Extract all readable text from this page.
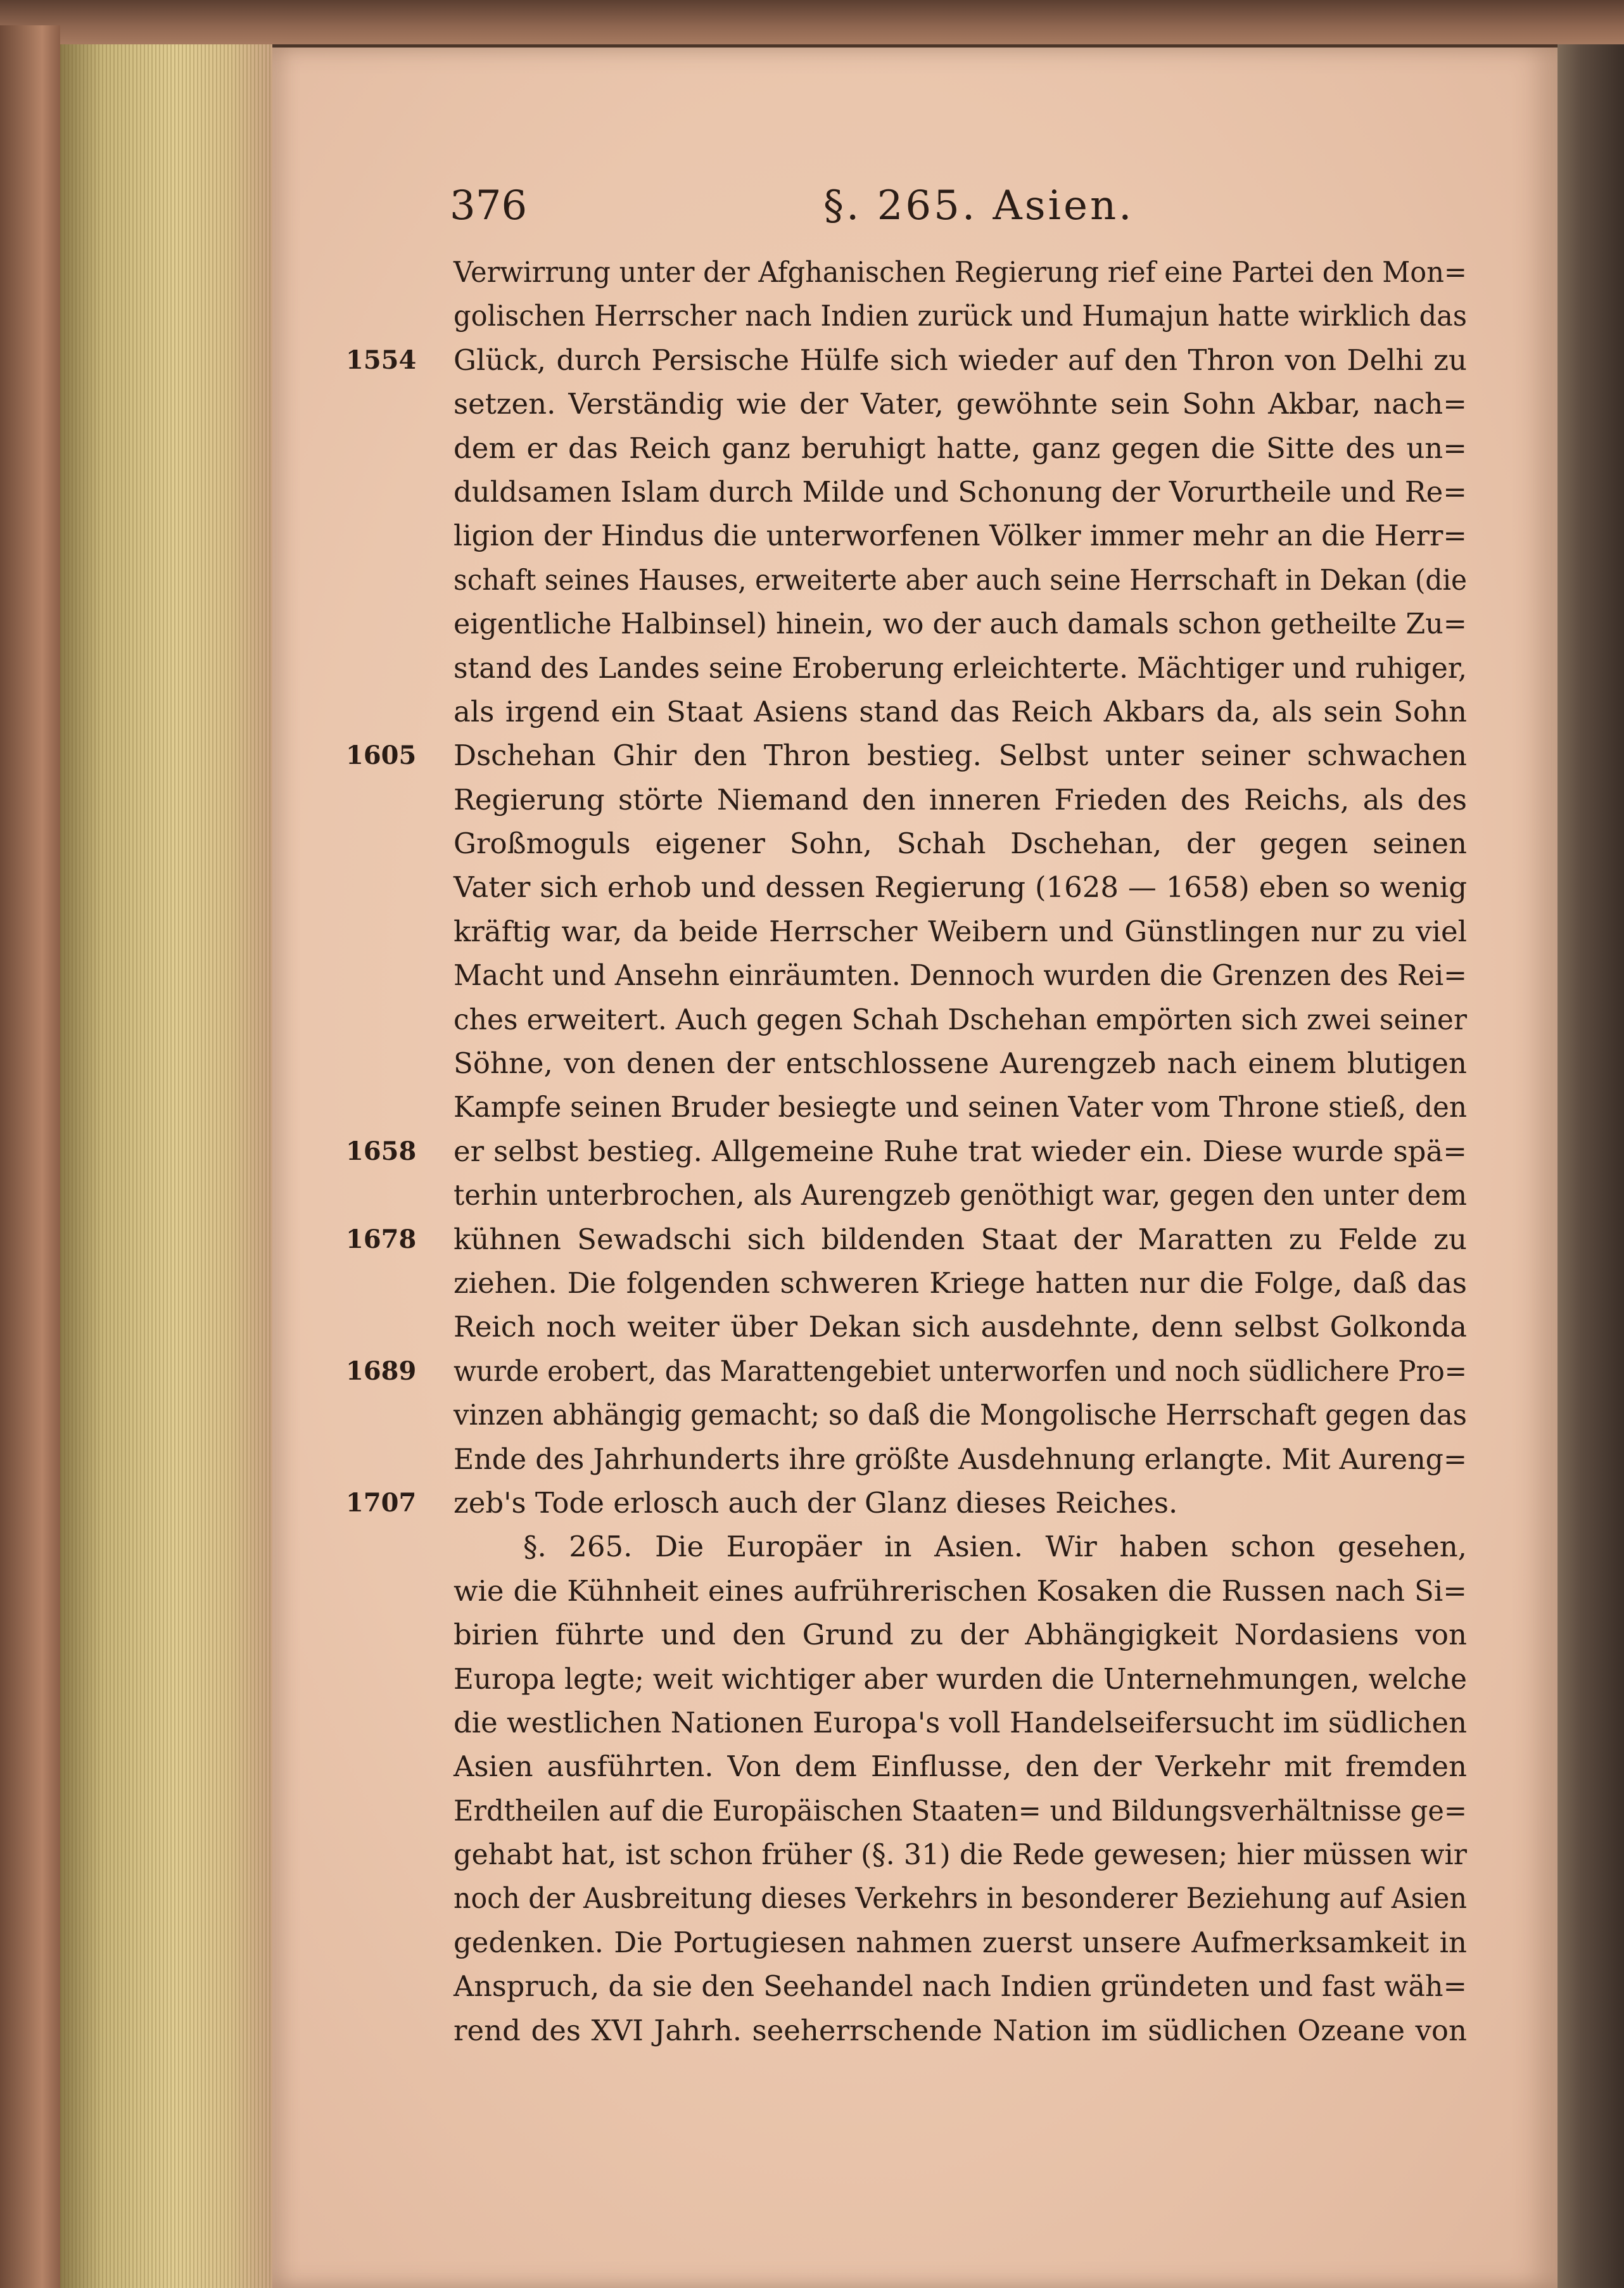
376	§. 265. Asien.
Verwirrung unter der Afghanischen Regierung rief eine Partei den Mon=
golischen Herrscher nach Indien zurück und Humajun hatte wirklich das
1554	Glück, durch Persische Hülfe sich wieder auf den Thron von Delhi zu
setzen. Verständig wie der Vater, gewöhnte sein Sohn Akbar, nach=
dem er das Reich ganz beruhigt hatte, ganz gegen die Sitte des un=
duldsamen Islam durch Milde und Schonung der Vorurtheile und Re=
ligion der Hindus die unterworfenen Völker immer mehr an die Herr=
schaft seines Hauses, erweiterte aber auch seine Herrschaft in Dekan (die
eigentliche Halbinsel) hinein, wo der auch damals schon getheilte Zu=
stand des Landes seine Eroberung erleichterte. Mächtiger und ruhiger,
als irgend ein Staat Asiens stand das Reich Akbars da, als sein Sohn
1605	Dschehan Ghir den Thron bestieg. Selbst unter seiner schwachen
Regierung störte Niemand den inneren Frieden des Reichs, als des
Großmoguls eigener Sohn, Schah Dschehan, der gegen seinen
Vater sich erhob und dessen Regierung (1628 — 1658) eben so wenig
kräftig war, da beide Herrscher Weibern und Günstlingen nur zu viel
Macht und Ansehn einräumten. Dennoch wurden die Grenzen des Rei=
ches erweitert. Auch gegen Schah Dschehan empörten sich zwei seiner
Söhne, von denen der entschlossene Aurengzeb nach einem blutigen
Kampfe seinen Bruder besiegte und seinen Vater vom Throne stieß, den
1658	er selbst bestieg. Allgemeine Ruhe trat wieder ein. Diese wurde spä=
terhin unterbrochen, als Aurengzeb genöthigt war, gegen den unter dem
1678	kühnen Sewadschi sich bildenden Staat der Maratten zu Felde zu
ziehen. Die folgenden schweren Kriege hatten nur die Folge, daß das
Reich noch weiter über Dekan sich ausdehnte, denn selbst Golkonda
1689	wurde erobert, das Marattengebiet unterworfen und noch südlichere Pro=
vinzen abhängig gemacht; so daß die Mongolische Herrschaft gegen das
Ende des Jahrhunderts ihre größte Ausdehnung erlangte. Mit Aureng=
1707	zeb's Tode erlosch auch der Glanz dieses Reiches.
§. 265. Die Europäer in Asien. Wir haben schon gesehen,
wie die Kühnheit eines aufrührerischen Kosaken die Russen nach Si=
birien führte und den Grund zu der Abhängigkeit Nordasiens von
Europa legte; weit wichtiger aber wurden die Unternehmungen, welche
die westlichen Nationen Europa's voll Handelseifersucht im südlichen
Asien ausführten. Von dem Einflusse, den der Verkehr mit fremden
Erdtheilen auf die Europäischen Staaten= und Bildungsverhältnisse ge=
gehabt hat, ist schon früher (§. 31) die Rede gewesen; hier müssen wir
noch der Ausbreitung dieses Verkehrs in besonderer Beziehung auf Asien
gedenken. Die Portugiesen nahmen zuerst unsere Aufmerksamkeit in
Anspruch, da sie den Seehandel nach Indien gründeten und fast wäh=
rend des XVI Jahrh. seeherrschende Nation im südlichen Ozeane von
